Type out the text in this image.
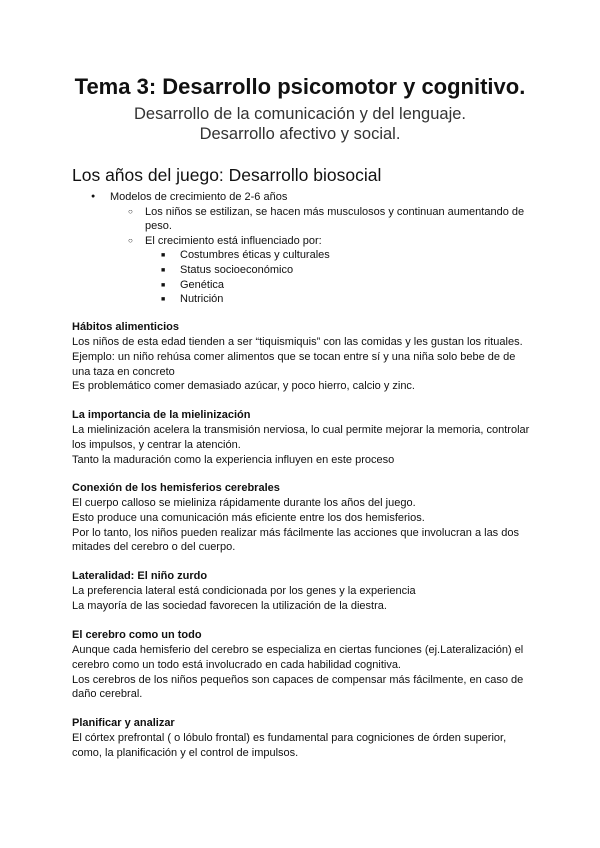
Tema 3: Desarrollo psicomotor y cognitivo.
Desarrollo de la comunicación y del lenguaje. Desarrollo afectivo y social.
Los años del juego: Desarrollo biosocial
● Modelos de crecimiento de 2-6 años
○ Los niños se estilizan, se hacen más musculosos y continuan aumentando de peso.
○ El crecimiento está influenciado por:
■ Costumbres éticas y culturales
■ Status socioeconómico
■ Genética
■ Nutrición
Hábitos alimenticios

Los niños de esta edad tienden a ser “tiquismiquis” con las comidas y les gustan los rituales.

Ejemplo: un niño rehúsa comer alimentos que se tocan entre sí y una niña solo bebe de de una taza en concreto

Es problemático comer demasiado azúcar, y poco hierro, calcio y zinc.

La importancia de la mielinización

La mielinización acelera la transmisión nerviosa, lo cual permite mejorar la memoria, controlar los impulsos, y centrar la atención.

Tanto la maduración como la experiencia influyen en este proceso

Conexión de los hemisferios cerebrales

El cuerpo calloso se mieliniza rápidamente durante los años del juego.

Esto produce una comunicación más eficiente entre los dos hemisferios.

Por lo tanto, los niños pueden realizar más fácilmente las acciones que involucran a las dos mitades del cerebro o del cuerpo.

Lateralidad: El niño zurdo

La preferencia lateral está condicionada por los genes y la experiencia

La mayoría de las sociedad favorecen la utilización de la diestra.

El cerebro como un todo

Aunque cada hemisferio del cerebro se especializa en ciertas funciones (ej.Lateralización) el cerebro como un todo está involucrado en cada habilidad cognitiva.

Los cerebros de los niños pequeños son capaces de compensar más fácilmente, en caso de daño cerebral.

Planificar y analizar

El córtex prefrontal ( o lóbulo frontal) es fundamental para cogniciones de órden superior, como, la planificación y el control de impulsos.
